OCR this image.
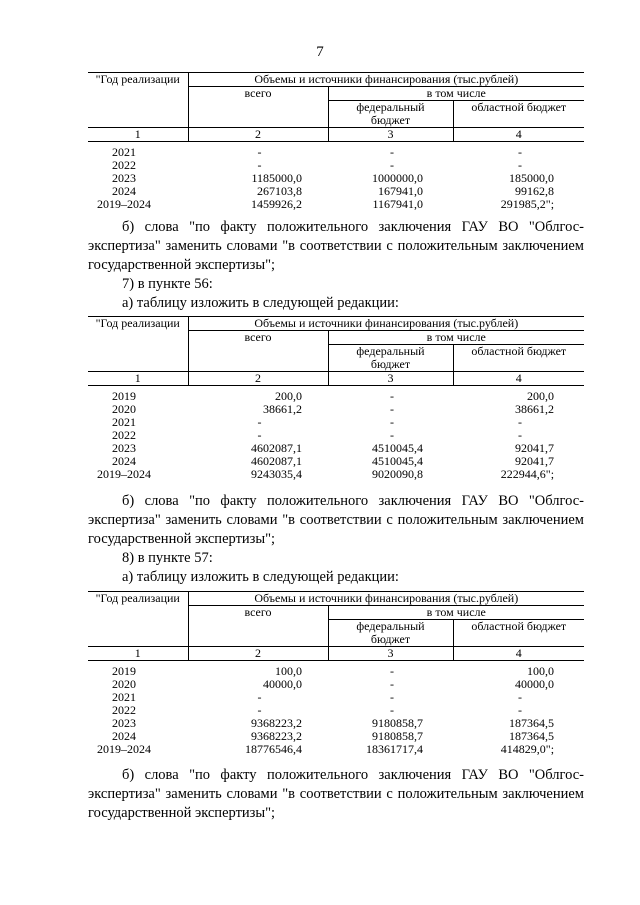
7
"Год реализации	Объемы и источники финансирования (тыс.рублей)		
	всего	в том числе	
		федеральный
бюджет	областной бюджет
1	2	3	4

2021	-	-	-
2022	-	-	-
2023	1185000,0	1000000,0	185000,0
2024	267103,8	167941,0	99162,8
2019–2024	1459926,2	1167941,0	291985,2";

б) слова "по факту положительного заключения ГАУ ВО "Облгос-экспертиза" заменить словами "в соответствии с положительным заключением государственной экспертизы";

7) в пункте 56:

а) таблицу изложить в следующей редакции:

"Год реализации	Объемы и источники финансирования (тыс.рублей)		
	всего	в том числе	
		федеральный
бюджет	областной бюджет
1	2	3	4

2019	200,0	-	200,0
2020	38661,2	-	38661,2
2021	-	-	-
2022	-	-	-
2023	4602087,1	4510045,4	92041,7
2024	4602087,1	4510045,4	92041,7
2019–2024	9243035,4	9020090,8	222944,6";

б) слова "по факту положительного заключения ГАУ ВО "Облгос-экспертиза" заменить словами "в соответствии с положительным заключением государственной экспертизы";

8) в пункте 57:

а) таблицу изложить в следующей редакции:

"Год реализации	Объемы и источники финансирования (тыс.рублей)		
	всего	в том числе	
		федеральный
бюджет	областной бюджет
1	2	3	4

2019	100,0	-	100,0
2020	40000,0	-	40000,0
2021	-	-	-
2022	-	-	-
2023	9368223,2	9180858,7	187364,5
2024	9368223,2	9180858,7	187364,5
2019–2024	18776546,4	18361717,4	414829,0";

б) слова "по факту положительного заключения ГАУ ВО "Облгос-экспертиза" заменить словами "в соответствии с положительным заключением государственной экспертизы";
